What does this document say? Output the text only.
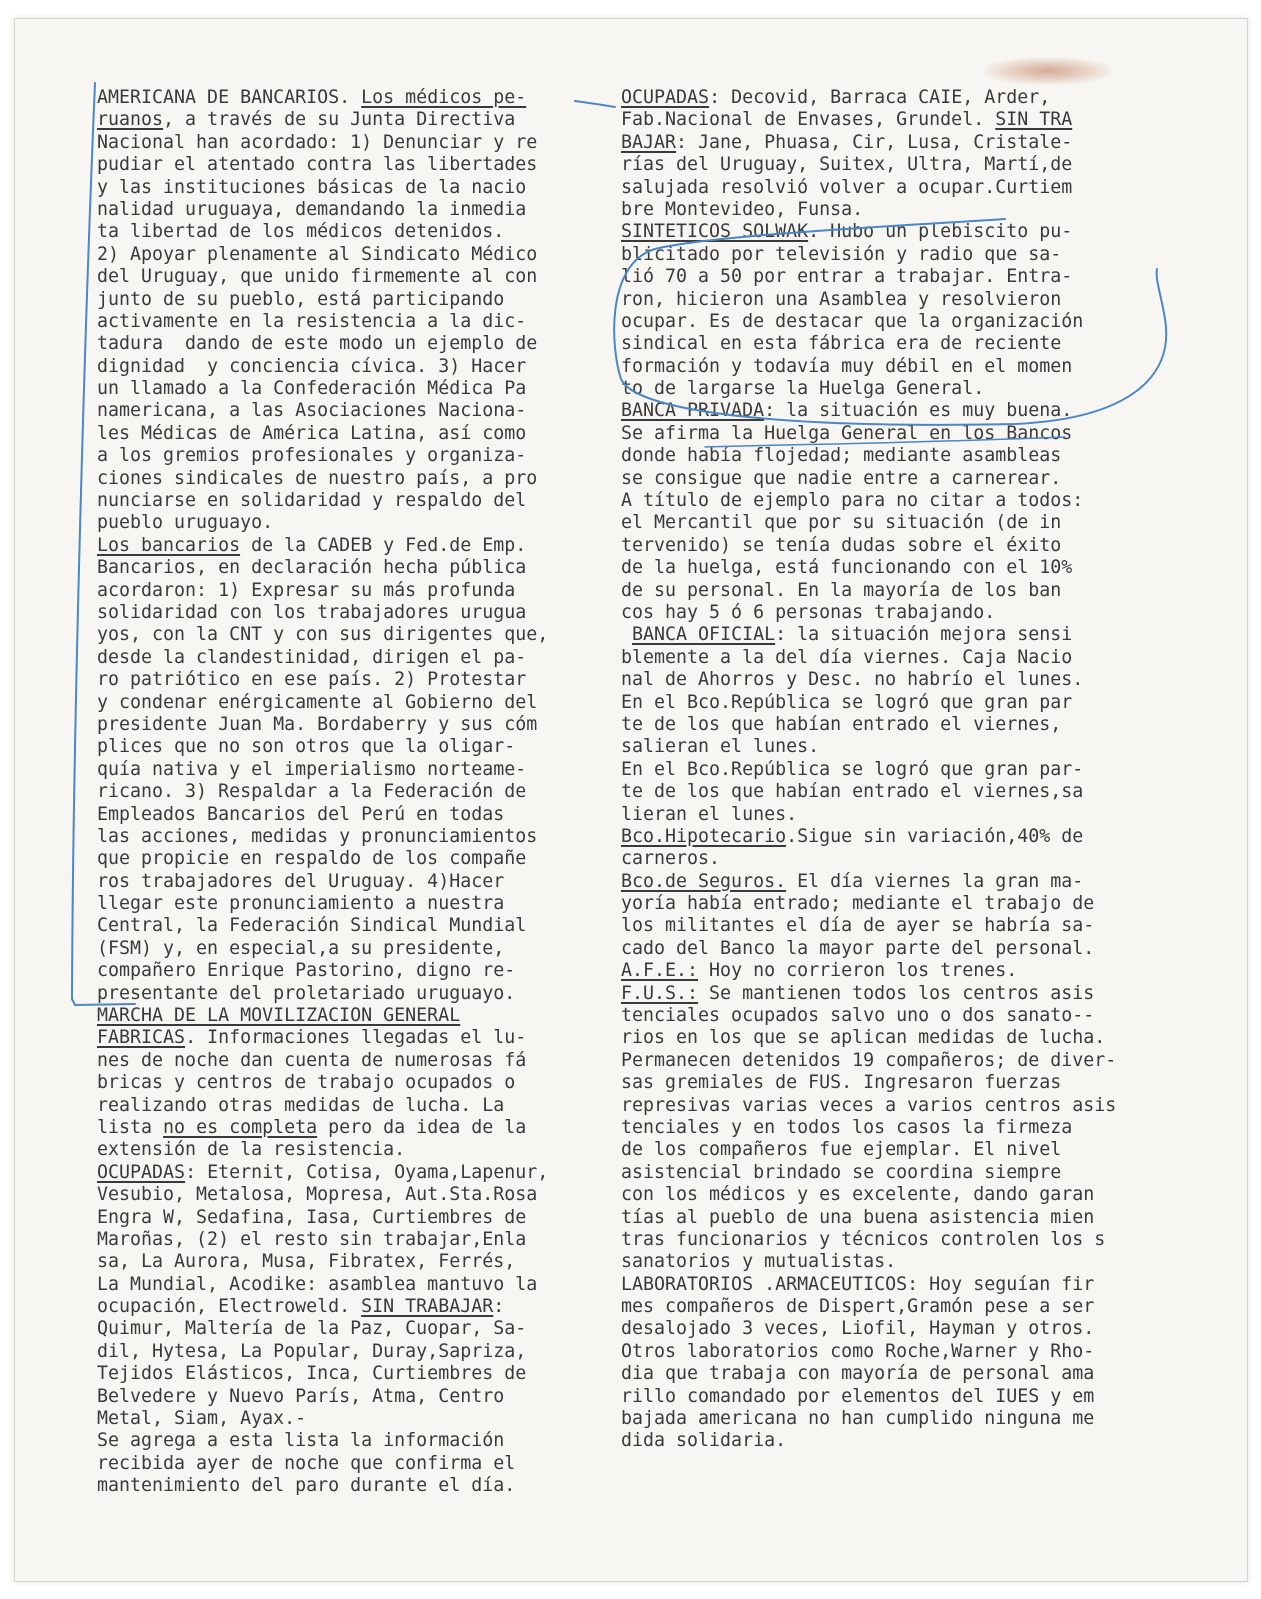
AMERICANA DE BANCARIOS. Los médicos pe-
ruanos, a través de su Junta Directiva
Nacional han acordado: 1) Denunciar y re
pudiar el atentado contra las libertades
y las instituciones básicas de la nacio
nalidad uruguaya, demandando la inmedia
ta libertad de los médicos detenidos.
2) Apoyar plenamente al Sindicato Médico
del Uruguay, que unido firmemente al con
junto de su pueblo, está participando
activamente en la resistencia a la dic-
tadura  dando de este modo un ejemplo de
dignidad  y conciencia cívica. 3) Hacer
un llamado a la Confederación Médica Pa
namericana, a las Asociaciones Naciona-
les Médicas de América Latina, así como
a los gremios profesionales y organiza-
ciones sindicales de nuestro país, a pro
nunciarse en solidaridad y respaldo del
pueblo uruguayo.
Los bancarios de la CADEB y Fed.de Emp.
Bancarios, en declaración hecha pública
acordaron: 1) Expresar su más profunda
solidaridad con los trabajadores urugua
yos, con la CNT y con sus dirigentes que,
desde la clandestinidad, dirigen el pa-
ro patriótico en ese país. 2) Protestar
y condenar enérgicamente al Gobierno del
presidente Juan Ma. Bordaberry y sus cóm
plices que no son otros que la oligar-
quía nativa y el imperialismo norteame-
ricano. 3) Respaldar a la Federación de
Empleados Bancarios del Perú en todas
las acciones, medidas y pronunciamientos
que propicie en respaldo de los compañe
ros trabajadores del Uruguay. 4)Hacer
llegar este pronunciamiento a nuestra
Central, la Federación Sindical Mundial
(FSM) y, en especial,a su presidente,
compañero Enrique Pastorino, digno re-
presentante del proletariado uruguayo.
MARCHA DE LA MOVILIZACION GENERAL
FABRICAS. Informaciones llegadas el lu-
nes de noche dan cuenta de numerosas fá
bricas y centros de trabajo ocupados o
realizando otras medidas de lucha. La
lista no es completa pero da idea de la
extensión de la resistencia.
OCUPADAS: Eternit, Cotisa, Oyama,Lapenur,
Vesubio, Metalosa, Mopresa, Aut.Sta.Rosa
Engra W, Sedafina, Iasa, Curtiembres de
Maroñas, (2) el resto sin trabajar,Enla
sa, La Aurora, Musa, Fibratex, Ferrés,
La Mundial, Acodike: asamblea mantuvo la
ocupación, Electroweld. SIN TRABAJAR:
Quimur, Maltería de la Paz, Cuopar, Sa-
dil, Hytesa, La Popular, Duray,Sapriza,
Tejidos Elásticos, Inca, Curtiembres de
Belvedere y Nuevo París, Atma, Centro
Metal, Siam, Ayax.-
Se agrega a esta lista la información
recibida ayer de noche que confirma el
mantenimiento del paro durante el día.
OCUPADAS: Decovid, Barraca CAIE, Arder,
Fab.Nacional de Envases, Grundel. SIN TRA
BAJAR: Jane, Phuasa, Cir, Lusa, Cristale-
rías del Uruguay, Suitex, Ultra, Martí,de
salujada resolvió volver a ocupar.Curtiem
bre Montevideo, Funsa.
SINTETICOS SOLWAK. Hubo un plebiscito pu-
blicitado por televisión y radio que sa-
lió 70 a 50 por entrar a trabajar. Entra-
ron, hicieron una Asamblea y resolvieron
ocupar. Es de destacar que la organización
sindical en esta fábrica era de reciente
formación y todavía muy débil en el momen
to de largarse la Huelga General.
BANCA PRIVADA: la situación es muy buena.
Se afirma la Huelga General en los Bancos
donde había flojedad; mediante asambleas
se consigue que nadie entre a carnerear.
A título de ejemplo para no citar a todos:
el Mercantil que por su situación (de in
tervenido) se tenía dudas sobre el éxito
de la huelga, está funcionando con el 10%
de su personal. En la mayoría de los ban
cos hay 5 ó 6 personas trabajando.
BANCA OFICIAL: la situación mejora sensi
blemente a la del día viernes. Caja Nacio
nal de Ahorros y Desc. no habrío el lunes.
En el Bco.República se logró que gran par
te de los que habían entrado el viernes,
salieran el lunes.
En el Bco.República se logró que gran par-
te de los que habían entrado el viernes,sa
lieran el lunes.
Bco.Hipotecario.Sigue sin variación,40% de
carneros.
Bco.de Seguros. El día viernes la gran ma-
yoría había entrado; mediante el trabajo de
los militantes el día de ayer se habría sa-
cado del Banco la mayor parte del personal.
A.F.E.: Hoy no corrieron los trenes.
F.U.S.: Se mantienen todos los centros asis
tenciales ocupados salvo uno o dos sanato--
rios en los que se aplican medidas de lucha.
Permanecen detenidos 19 compañeros; de diver-
sas gremiales de FUS. Ingresaron fuerzas
represivas varias veces a varios centros asis
tenciales y en todos los casos la firmeza
de los compañeros fue ejemplar. El nivel
asistencial brindado se coordina siempre
con los médicos y es excelente, dando garan
tías al pueblo de una buena asistencia mien
tras funcionarios y técnicos controlen los s
sanatorios y mutualistas.
LABORATORIOS .ARMACEUTICOS: Hoy seguían fir
mes compañeros de Dispert,Gramón pese a ser
desalojado 3 veces, Liofil, Hayman y otros.
Otros laboratorios como Roche,Warner y Rho-
dia que trabaja con mayoría de personal ama
rillo comandado por elementos del IUES y em
bajada americana no han cumplido ninguna me
dida solidaria.
